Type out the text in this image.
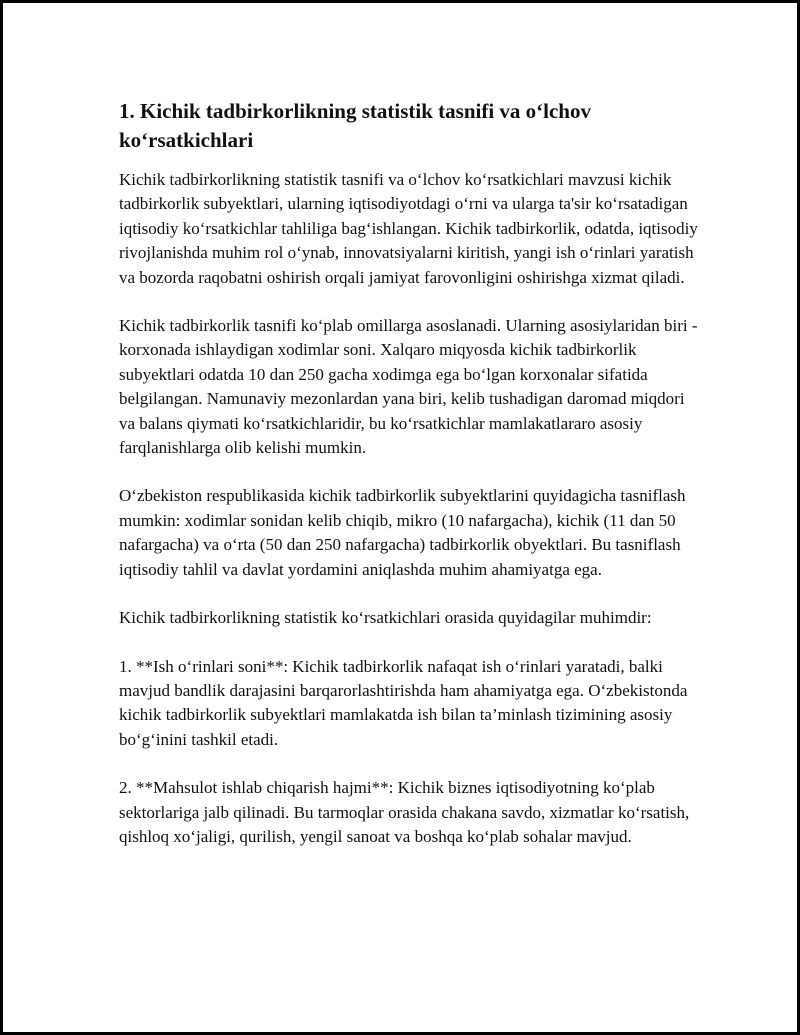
1. Kichik tadbirkorlikning statistik tasnifi va o‘lchov ko‘rsatkichlari

Kichik tadbirkorlikning statistik tasnifi va o‘lchov ko‘rsatkichlari mavzusi kichik tadbirkorlik subyektlari, ularning iqtisodiyotdagi o‘rni va ularga ta'sir ko‘rsatadigan iqtisodiy ko‘rsatkichlar tahliliga bag‘ishlangan. Kichik tadbirkorlik, odatda, iqtisodiy rivojlanishda muhim rol o‘ynab, innovatsiyalarni kiritish, yangi ish o‘rinlari yaratish va bozorda raqobatni oshirish orqali jamiyat farovonligini oshirishga xizmat qiladi.

Kichik tadbirkorlik tasnifi ko‘plab omillarga asoslanadi. Ularning asosiylaridan biri - korxonada ishlaydigan xodimlar soni. Xalqaro miqyosda kichik tadbirkorlik subyektlari odatda 10 dan 250 gacha xodimga ega bo‘lgan korxonalar sifatida belgilangan. Namunaviy mezonlardan yana biri, kelib tushadigan daromad miqdori va balans qiymati ko‘rsatkichlaridir, bu ko‘rsatkichlar mamlakatlararo asosiy farqlanishlarga olib kelishi mumkin.

O‘zbekiston respublikasida kichik tadbirkorlik subyektlarini quyidagicha tasniflash mumkin: xodimlar sonidan kelib chiqib, mikro (10 nafargacha), kichik (11 dan 50 nafargacha) va o‘rta (50 dan 250 nafargacha) tadbirkorlik obyektlari. Bu tasniflash iqtisodiy tahlil va davlat yordamini aniqlashda muhim ahamiyatga ega.

Kichik tadbirkorlikning statistik ko‘rsatkichlari orasida quyidagilar muhimdir:

1. **Ish o‘rinlari soni**: Kichik tadbirkorlik nafaqat ish o‘rinlari yaratadi, balki mavjud bandlik darajasini barqarorlashtirishda ham ahamiyatga ega. O‘zbekistonda kichik tadbirkorlik subyektlari mamlakatda ish bilan ta’minlash tizimining asosiy bo‘g‘inini tashkil etadi.

2. **Mahsulot ishlab chiqarish hajmi**: Kichik biznes iqtisodiyotning ko‘plab sektorlariga jalb qilinadi. Bu tarmoqlar orasida chakana savdo, xizmatlar ko‘rsatish, qishloq xo‘jaligi, qurilish, yengil sanoat va boshqa ko‘plab sohalar mavjud.
